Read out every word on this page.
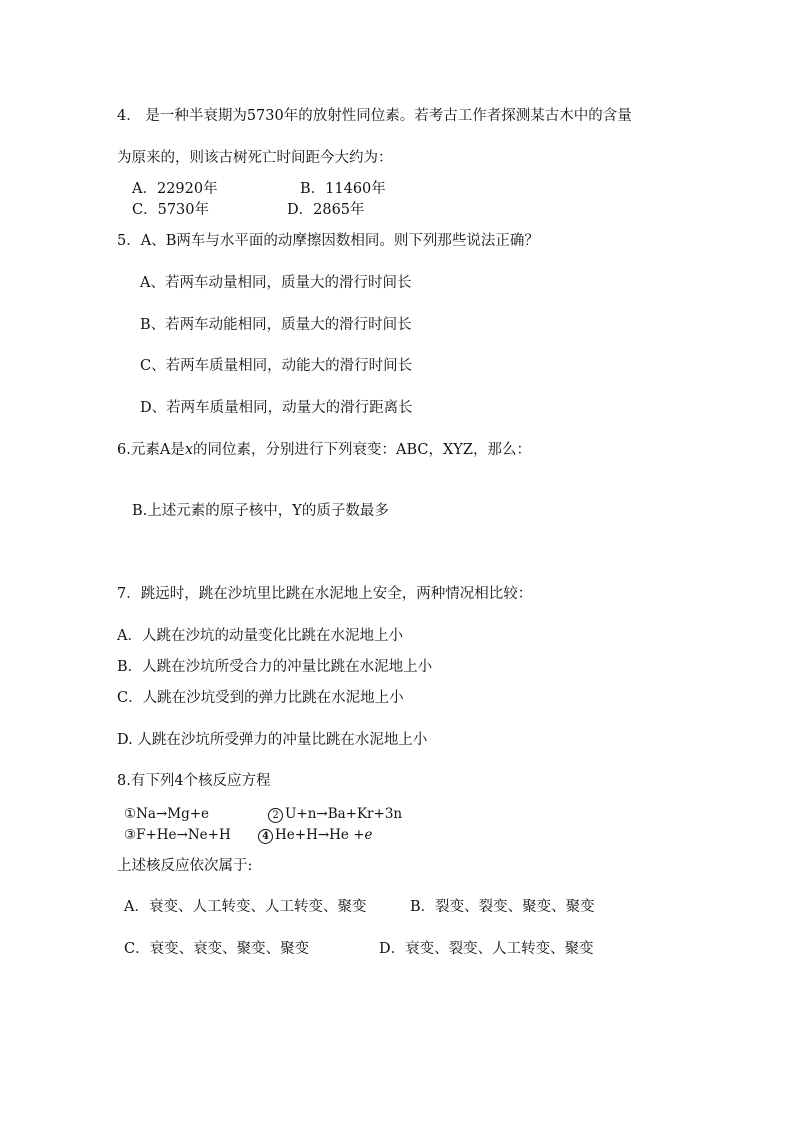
4． 是一种半衰期为5730年的放射性同位素。若考古工作者探测某古木中的含量
为原来的，则该古树死亡时间距今大约为：
A．22920年	B．11460年
C．5730年	D．2865年
5．A、B两车与水平面的动摩擦因数相同。则下列那些说法正确？
A、若两车动量相同，质量大的滑行时间长
B、若两车动能相同，质量大的滑行时间长
C、若两车质量相同，动能大的滑行时间长
D、若两车质量相同，动量大的滑行距离长
6.元素A是x的同位素，分别进行下列衰变：ABC，XYZ，那么：
B.上述元素的原子核中，Y的质子数最多
7．跳远时，跳在沙坑里比跳在水泥地上安全，两种情况相比较：
A．人跳在沙坑的动量变化比跳在水泥地上小
B．人跳在沙坑所受合力的冲量比跳在水泥地上小
C．人跳在沙坑受到的弹力比跳在水泥地上小
D. 人跳在沙坑所受弹力的冲量比跳在水泥地上小
8.有下列4个核反应方程
①Na→Mg+e	2 U+n→Ba+Kr+3n
③F+He→Ne+H	4 He+H→He +e
上述核反应依次属于:
A．衰变、人工转变、人工转变、聚变	B．裂变、裂变、聚变、聚变
C．衰变、衰变、聚变、聚变	D．衰变、裂变、人工转变、聚变
